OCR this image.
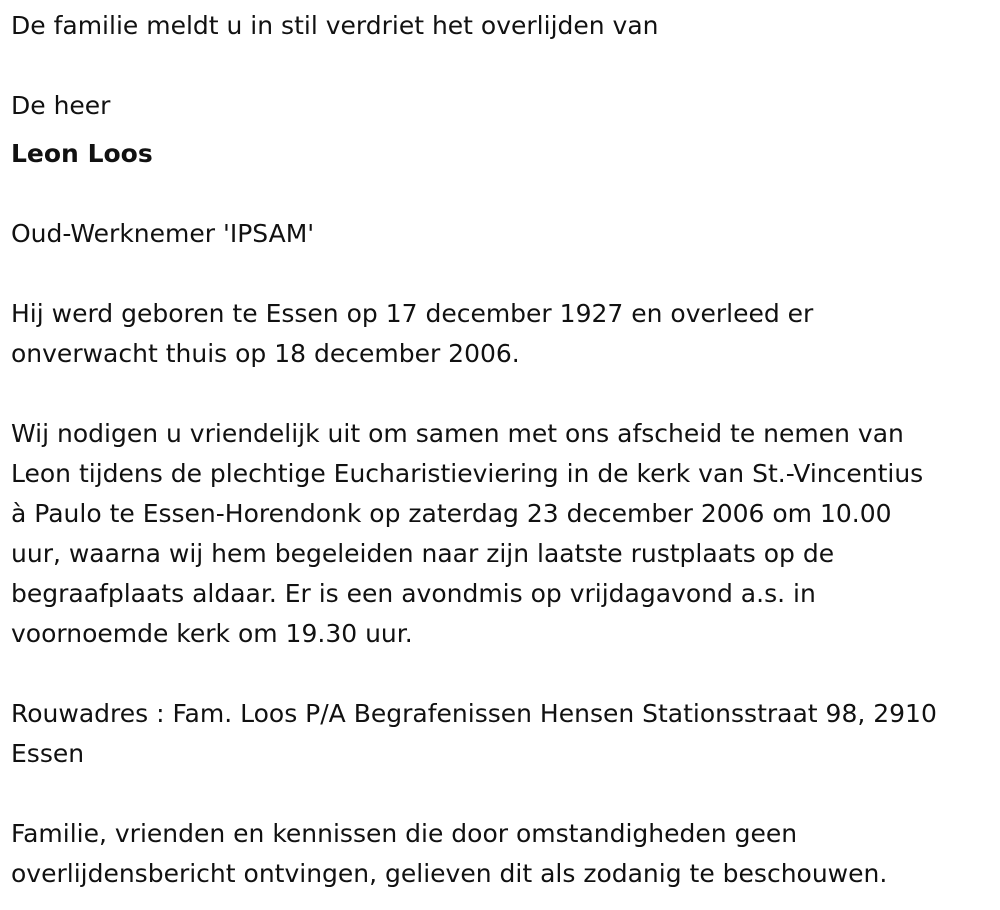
De familie meldt u in stil verdriet het overlijden van
De heer
Leon Loos
Oud-Werknemer 'IPSAM'
Hij werd geboren te Essen op 17 december 1927 en overleed er
onverwacht thuis op 18 december 2006.
Wij nodigen u vriendelijk uit om samen met ons afscheid te nemen van
Leon tijdens de plechtige Eucharistieviering in de kerk van St.-Vincentius
à Paulo te Essen-Horendonk op zaterdag 23 december 2006 om 10.00
uur, waarna wij hem begeleiden naar zijn laatste rustplaats op de
begraafplaats aldaar. Er is een avondmis op vrijdagavond a.s. in
voornoemde kerk om 19.30 uur.
Rouwadres : Fam. Loos P/A Begrafenissen Hensen Stationsstraat 98, 2910
Essen
Familie, vrienden en kennissen die door omstandigheden geen
overlijdensbericht ontvingen, gelieven dit als zodanig te beschouwen.
